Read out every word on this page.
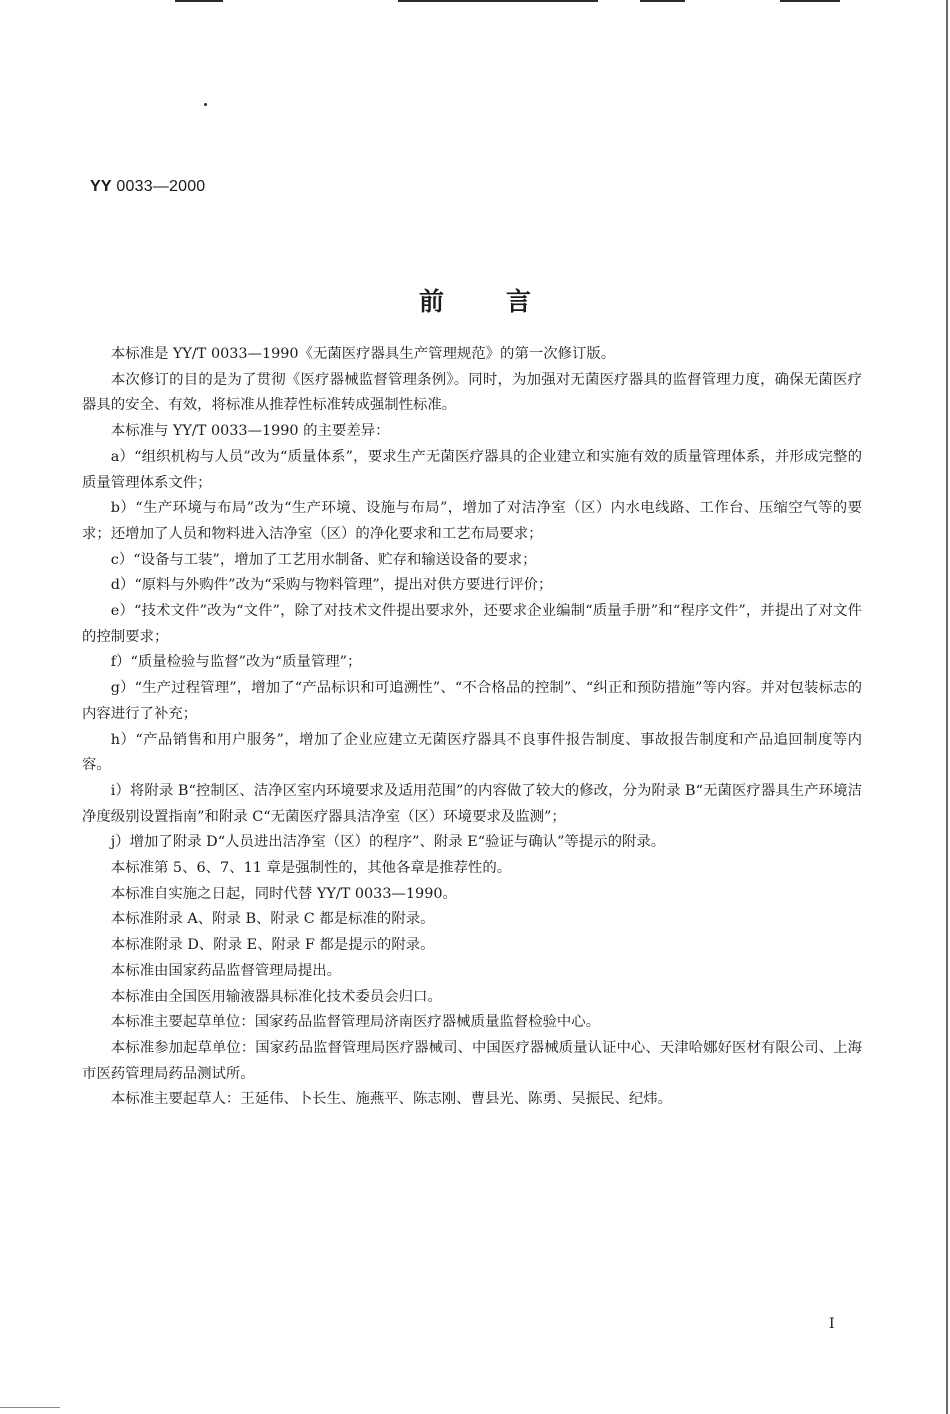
YY 0033—2000
前 言

本标准是 YY/T 0033—1990《无菌医疗器具生产管理规范》的第一次修订版。

本次修订的目的是为了贯彻《医疗器械监督管理条例》。同时，为加强对无菌医疗器具的监督管理力度，确保无菌医疗器具的安全、有效，将标准从推荐性标准转成强制性标准。

本标准与 YY/T 0033—1990 的主要差异：

a）“组织机构与人员”改为“质量体系”，要求生产无菌医疗器具的企业建立和实施有效的质量管理体系，并形成完整的质量管理体系文件；

b）“生产环境与布局”改为“生产环境、设施与布局”，增加了对洁净室（区）内水电线路、工作台、压缩空气等的要求；还增加了人员和物料进入洁净室（区）的净化要求和工艺布局要求；

c）“设备与工装”，增加了工艺用水制备、贮存和输送设备的要求；

d）“原料与外购件”改为“采购与物料管理”，提出对供方要进行评价；

e）“技术文件”改为“文件”，除了对技术文件提出要求外，还要求企业编制“质量手册”和“程序文件”，并提出了对文件的控制要求；

f）“质量检验与监督”改为“质量管理”；

g）“生产过程管理”，增加了“产品标识和可追溯性”、“不合格品的控制”、“纠正和预防措施”等内容。并对包装标志的内容进行了补充；

h）“产品销售和用户服务”，增加了企业应建立无菌医疗器具不良事件报告制度、事故报告制度和产品追回制度等内容。

i）将附录 B“控制区、洁净区室内环境要求及适用范围”的内容做了较大的修改，分为附录 B“无菌医疗器具生产环境洁净度级别设置指南”和附录 C“无菌医疗器具洁净室（区）环境要求及监测”；

j）增加了附录 D“人员进出洁净室（区）的程序”、附录 E“验证与确认”等提示的附录。

本标准第 5、6、7、11 章是强制性的，其他各章是推荐性的。

本标准自实施之日起，同时代替 YY/T 0033—1990。

本标准附录 A、附录 B、附录 C 都是标准的附录。

本标准附录 D、附录 E、附录 F 都是提示的附录。

本标准由国家药品监督管理局提出。

本标准由全国医用输液器具标准化技术委员会归口。

本标准主要起草单位：国家药品监督管理局济南医疗器械质量监督检验中心。

本标准参加起草单位：国家药品监督管理局医疗器械司、中国医疗器械质量认证中心、天津哈娜好医材有限公司、上海市医药管理局药品测试所。

本标准主要起草人：王延伟、卜长生、施燕平、陈志刚、曹县光、陈勇、吴振民、纪炜。

I
